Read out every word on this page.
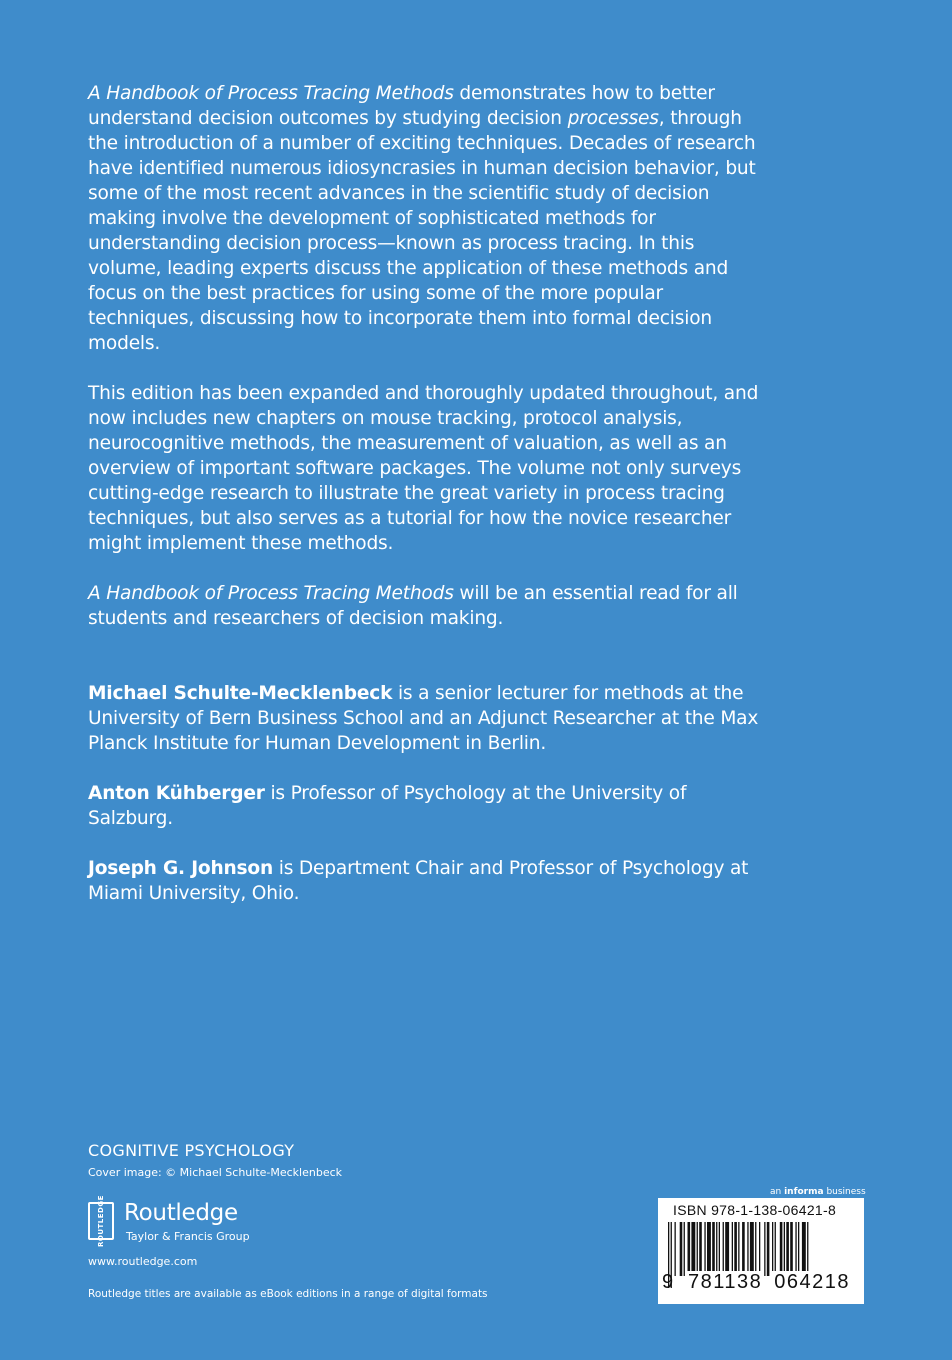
A Handbook of Process Tracing Methods demonstrates how to better understand decision outcomes by studying decision processes, through the introduction of a number of exciting techniques. Decades of research have identified numerous idiosyncrasies in human decision behavior, but some of the most recent advances in the scientific study of decision making involve the development of sophisticated methods for understanding decision process—known as process tracing. In this volume, leading experts discuss the application of these methods and focus on the best practices for using some of the more popular techniques, discussing how to incorporate them into formal decision models.

This edition has been expanded and thoroughly updated throughout, and now includes new chapters on mouse tracking, protocol analysis, neurocognitive methods, the measurement of valuation, as well as an overview of important software packages. The volume not only surveys cutting-edge research to illustrate the great variety in process tracing techniques, but also serves as a tutorial for how the novice researcher might implement these methods.

A Handbook of Process Tracing Methods will be an essential read for all students and researchers of decision making.

Michael Schulte-Mecklenbeck is a senior lecturer for methods at the University of Bern Business School and an Adjunct Researcher at the Max Planck Institute for Human Development in Berlin.

Anton Kühberger is Professor of Psychology at the University of Salzburg.

Joseph G. Johnson is Department Chair and Professor of Psychology at Miami University, Ohio.

COGNITIVE PSYCHOLOGY
Cover image: © Michael Schulte-Mecklenbeck
ROUTLEDGE Routledge
Taylor & Francis Group
www.routledge.com
Routledge titles are available as eBook editions in a range of digital formats
an informa business
ISBN 978-1-138-06421-8
9 781138 064218
